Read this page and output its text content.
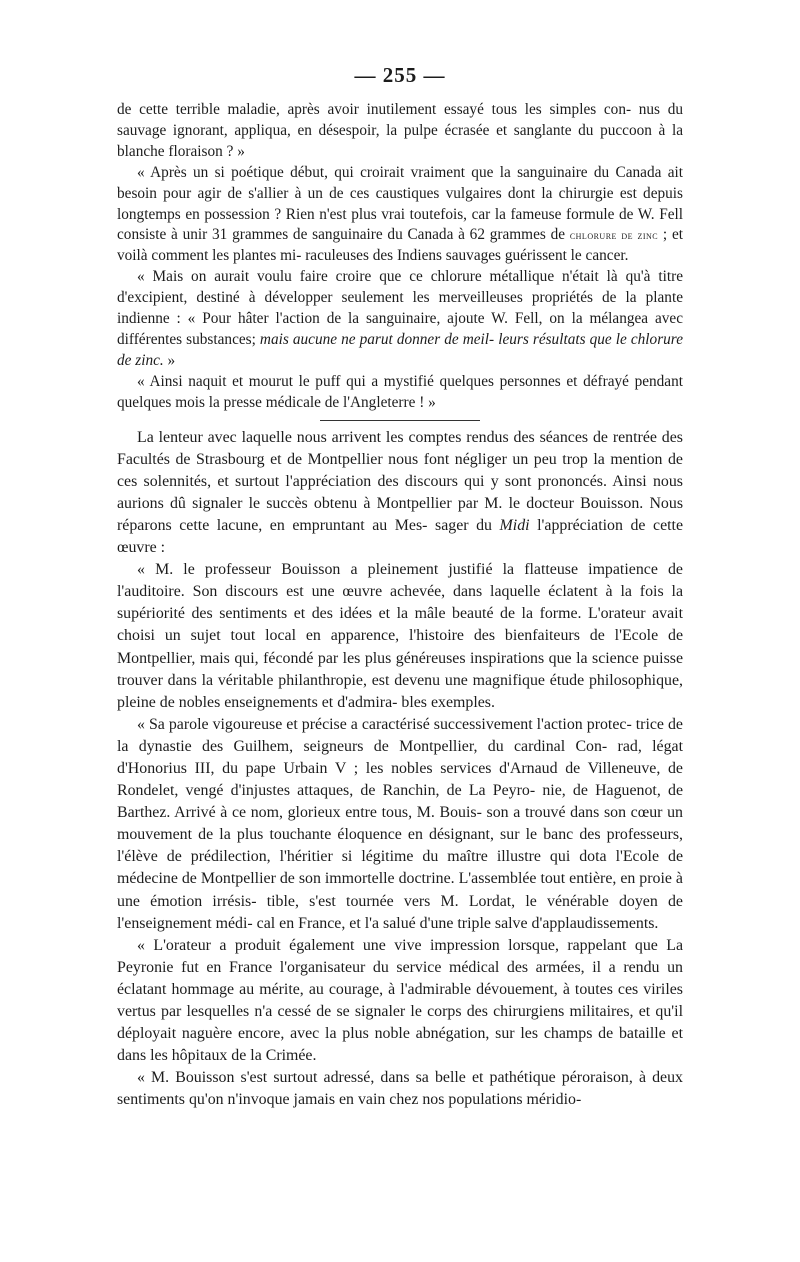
— 255 —

de cette terrible maladie, après avoir inutilement essayé tous les simples con- nus du sauvage ignorant, appliqua, en désespoir, la pulpe écrasée et sanglante du puccoon à la blanche floraison ? »

« Après un si poétique début, qui croirait vraiment que la sanguinaire du Canada ait besoin pour agir de s'allier à un de ces caustiques vulgaires dont la chirurgie est depuis longtemps en possession ? Rien n'est plus vrai toutefois, car la fameuse formule de W. Fell consiste à unir 31 grammes de sanguinaire du Canada à 62 grammes de chlorure de zinc ; et voilà comment les plantes mi- raculeuses des Indiens sauvages guérissent le cancer.

« Mais on aurait voulu faire croire que ce chlorure métallique n'était là qu'à titre d'excipient, destiné à développer seulement les merveilleuses propriétés de la plante indienne : « Pour hâter l'action de la sanguinaire, ajoute W. Fell, on la mélangea avec différentes substances; mais aucune ne parut donner de meil- leurs résultats que le chlorure de zinc. »

« Ainsi naquit et mourut le puff qui a mystifié quelques personnes et défrayé pendant quelques mois la presse médicale de l'Angleterre ! »

La lenteur avec laquelle nous arrivent les comptes rendus des séances de rentrée des Facultés de Strasbourg et de Montpellier nous font négliger un peu trop la mention de ces solennités, et surtout l'appréciation des discours qui y sont prononcés. Ainsi nous aurions dû signaler le succès obtenu à Montpellier par M. le docteur Bouisson. Nous réparons cette lacune, en empruntant au Mes- sager du Midi l'appréciation de cette œuvre :

« M. le professeur Bouisson a pleinement justifié la flatteuse impatience de l'auditoire. Son discours est une œuvre achevée, dans laquelle éclatent à la fois la supériorité des sentiments et des idées et la mâle beauté de la forme. L'orateur avait choisi un sujet tout local en apparence, l'histoire des bienfaiteurs de l'Ecole de Montpellier, mais qui, fécondé par les plus généreuses inspirations que la science puisse trouver dans la véritable philanthropie, est devenu une magnifique étude philosophique, pleine de nobles enseignements et d'admira- bles exemples.

« Sa parole vigoureuse et précise a caractérisé successivement l'action protec- trice de la dynastie des Guilhem, seigneurs de Montpellier, du cardinal Con- rad, légat d'Honorius III, du pape Urbain V ; les nobles services d'Arnaud de Villeneuve, de Rondelet, vengé d'injustes attaques, de Ranchin, de La Peyro- nie, de Haguenot, de Barthez. Arrivé à ce nom, glorieux entre tous, M. Bouis- son a trouvé dans son cœur un mouvement de la plus touchante éloquence en désignant, sur le banc des professeurs, l'élève de prédilection, l'héritier si légitime du maître illustre qui dota l'Ecole de médecine de Montpellier de son immortelle doctrine. L'assemblée tout entière, en proie à une émotion irrésis- tible, s'est tournée vers M. Lordat, le vénérable doyen de l'enseignement médi- cal en France, et l'a salué d'une triple salve d'applaudissements.

« L'orateur a produit également une vive impression lorsque, rappelant que La Peyronie fut en France l'organisateur du service médical des armées, il a rendu un éclatant hommage au mérite, au courage, à l'admirable dévouement, à toutes ces viriles vertus par lesquelles n'a cessé de se signaler le corps des chirurgiens militaires, et qu'il déployait naguère encore, avec la plus noble abnégation, sur les champs de bataille et dans les hôpitaux de la Crimée.

« M. Bouisson s'est surtout adressé, dans sa belle et pathétique péroraison, à deux sentiments qu'on n'invoque jamais en vain chez nos populations méridio-
